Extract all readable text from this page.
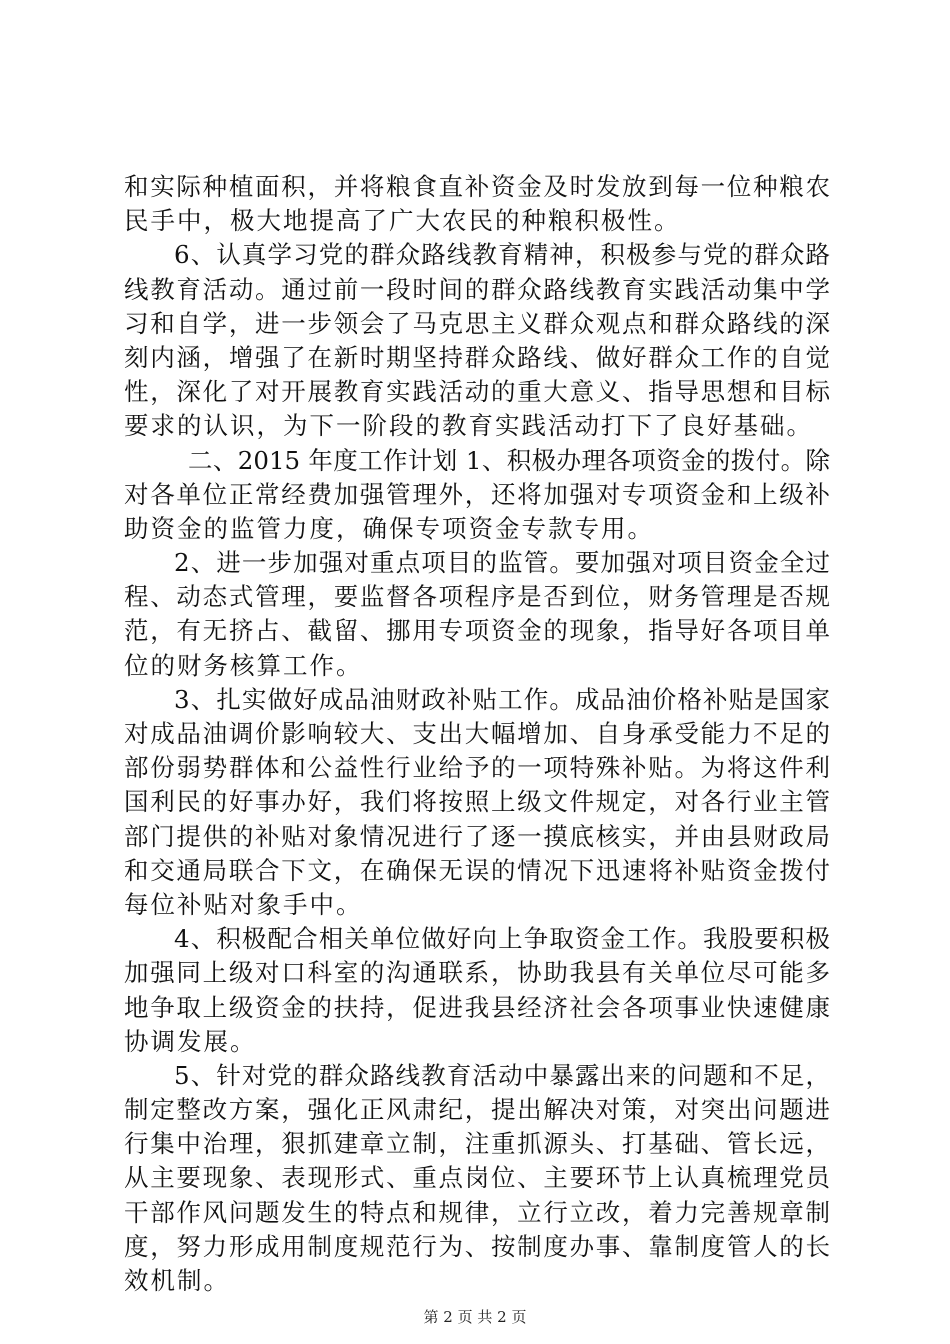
和实际种植面积，并将粮食直补资金及时发放到每一位种粮农
民手中，极大地提高了广大农民的种粮积极性。
6、认真学习党的群众路线教育精神，积极参与党的群众路
线教育活动。通过前一段时间的群众路线教育实践活动集中学
习和自学，进一步领会了马克思主义群众观点和群众路线的深
刻内涵，增强了在新时期坚持群众路线、做好群众工作的自觉
性，深化了对开展教育实践活动的重大意义、指导思想和目标
要求的认识，为下一阶段的教育实践活动打下了良好基础。
二、2015 年度工作计划 1、积极办理各项资金的拨付。除
对各单位正常经费加强管理外，还将加强对专项资金和上级补
助资金的监管力度，确保专项资金专款专用。
2、进一步加强对重点项目的监管。要加强对项目资金全过
程、动态式管理，要监督各项程序是否到位，财务管理是否规
范，有无挤占、截留、挪用专项资金的现象，指导好各项目单
位的财务核算工作。
3、扎实做好成品油财政补贴工作。成品油价格补贴是国家
对成品油调价影响较大、支出大幅增加、自身承受能力不足的
部份弱势群体和公益性行业给予的一项特殊补贴。为将这件利
国利民的好事办好，我们将按照上级文件规定，对各行业主管
部门提供的补贴对象情况进行了逐一摸底核实，并由县财政局
和交通局联合下文，在确保无误的情况下迅速将补贴资金拨付
每位补贴对象手中。
4、积极配合相关单位做好向上争取资金工作。我股要积极
加强同上级对口科室的沟通联系，协助我县有关单位尽可能多
地争取上级资金的扶持，促进我县经济社会各项事业快速健康
协调发展。
5、针对党的群众路线教育活动中暴露出来的问题和不足，
制定整改方案，强化正风肃纪，提出解决对策，对突出问题进
行集中治理，狠抓建章立制，注重抓源头、打基础、管长远，
从主要现象、表现形式、重点岗位、主要环节上认真梳理党员
干部作风问题发生的特点和规律，立行立改，着力完善规章制
度，努力形成用制度规范行为、按制度办事、靠制度管人的长
效机制。
第 2 页 共 2 页
